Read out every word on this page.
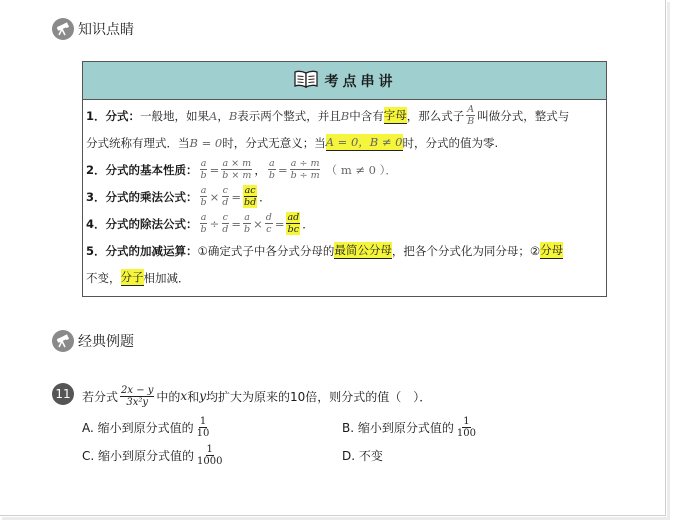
知识点睛
考点串讲
1．分式： 一般地，如果 A ， B 表示两个整式，并且 B 中含有 字母 ，那么式子 $\frac{A}{B}$ 叫做分式，整式与
分式统称有理式．当 B = 0 时，分式无意义；当 A = 0，B ≠ 0 时，分式的值为零.
2．分式的基本性质： $\frac{a}{b} = \frac{a \times m}{b \times m}$ ， $\frac{a}{b} = \frac{a \div m}{b \div m}$ （ m ≠ 0 ）．
3．分式的乘法公式： $\frac{a}{b} \times \frac{c}{d} = \frac{ac}{bd}$ ．
4．分式的除法公式： $\frac{a}{b} \div \frac{c}{d} = \frac{a}{b} \times \frac{d}{c} = \frac{ad}{bc}$ ．
5．分式的加减运算： ①确定式子中各分式分母的 最简公分母 ，把各个分式化为同分母；② 分母
不变， 分子 相加减．
经典例题
11 若分式 $\frac{2x - y}{\text{3x²y}}$ 中的 x 和 y 均扩大为原来的10倍，则分式的值（　）．
A. 缩小到原分式值的 $\frac{1}{10}$	B. 缩小到原分式值的 $\frac{1}{100}$
C. 缩小到原分式值的 $\frac{1}{1000}$	D. 不变
